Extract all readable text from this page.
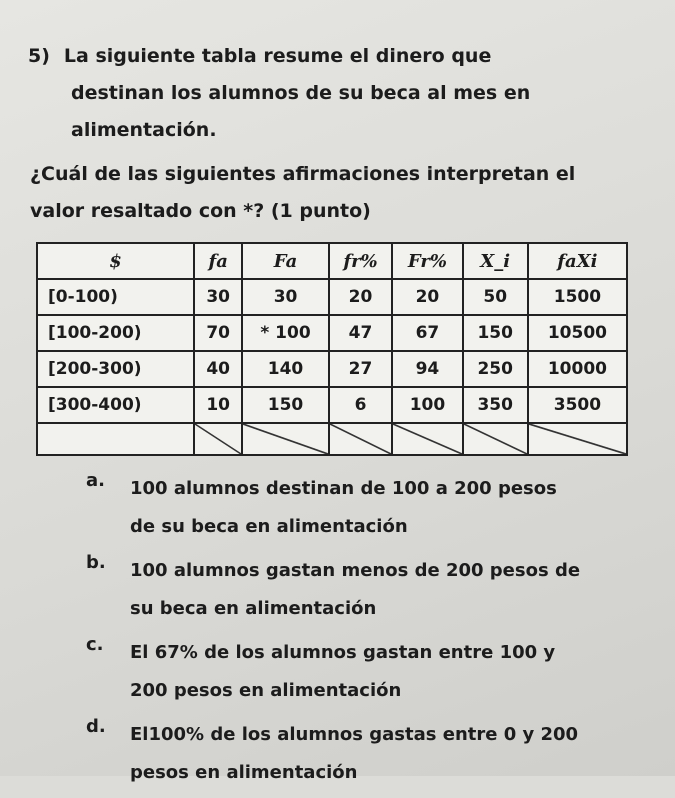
5) La siguiente tabla resume el dinero que
destinan los alumnos de su beca al mes en
alimentación.
¿Cuál de las siguientes afirmaciones interpretan el
valor resaltado con *? (1 punto)
$	fa	Fa	fr%	Fr%	X_i	faXi
[0-100)	30	30	20	20	50	1500
[100-200)	70	* 100	47	67	150	10500
[200-300)	40	140	27	94	250	10000
[300-400)	10	150	6	100	350	3500

a. 100 alumnos destinan de 100 a 200 pesos
de su beca en alimentación
b. 100 alumnos gastan menos de 200 pesos de
su beca en alimentación
c. El 67% de los alumnos gastan entre 100 y
200 pesos en alimentación
d. El100% de los alumnos gastas entre 0 y 200
pesos en alimentación
